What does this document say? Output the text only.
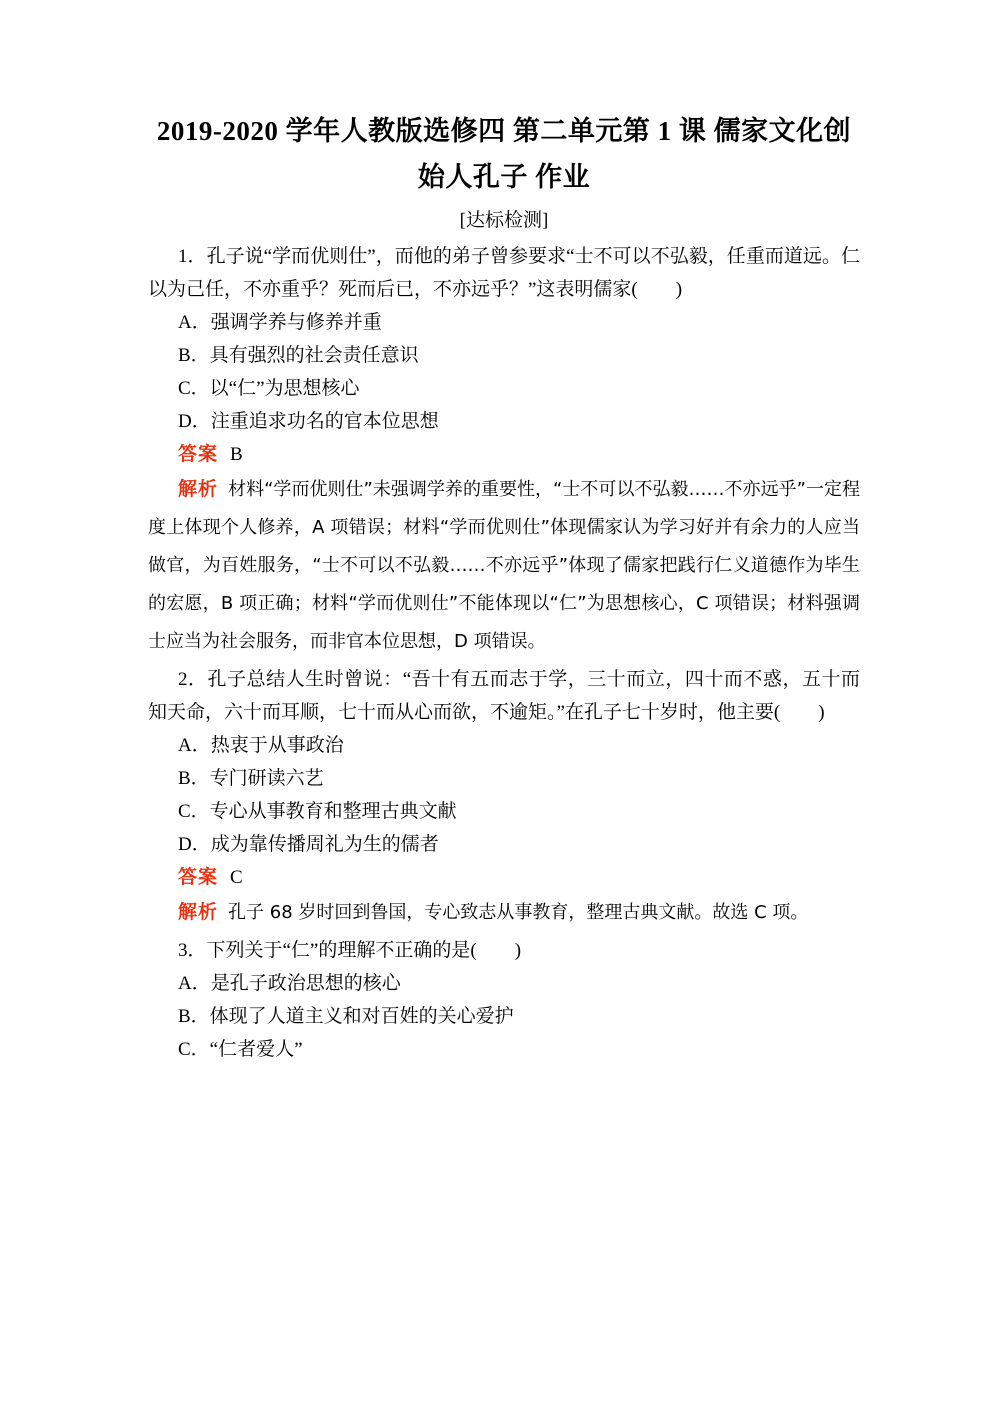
2019-2020 学年人教版选修四 第二单元第 1 课 儒家文化创始人孔子 作业
[达标检测]

1．孔子说“学而优则仕”，而他的弟子曾参要求“士不可以不弘毅，任重而道远。仁以为己任，不亦重乎？死而后已，不亦远乎？”这表明儒家(　　)

A．强调学养与修养并重

B．具有强烈的社会责任意识

C．以“仁”为思想核心

D．注重追求功名的官本位思想

答案 B

解析 材料“学而优则仕”未强调学养的重要性，“士不可以不弘毅……不亦远乎”一定程度上体现个人修养，A 项错误；材料“学而优则仕”体现儒家认为学习好并有余力的人应当做官，为百姓服务，“士不可以不弘毅……不亦远乎”体现了儒家把践行仁义道德作为毕生的宏愿，B 项正确；材料“学而优则仕”不能体现以“仁”为思想核心，C 项错误；材料强调士应当为社会服务，而非官本位思想，D 项错误。

2．孔子总结人生时曾说：“吾十有五而志于学，三十而立，四十而不惑，五十而知天命，六十而耳顺，七十而从心而欲，不逾矩。”在孔子七十岁时，他主要(　　)

A．热衷于从事政治

B．专门研读六艺

C．专心从事教育和整理古典文献

D．成为靠传播周礼为生的儒者

答案 C

解析 孔子 68 岁时回到鲁国，专心致志从事教育，整理古典文献。故选 C 项。

3．下列关于“仁”的理解不正确的是(　　)

A．是孔子政治思想的核心

B．体现了人道主义和对百姓的关心爱护

C．“仁者爱人”
